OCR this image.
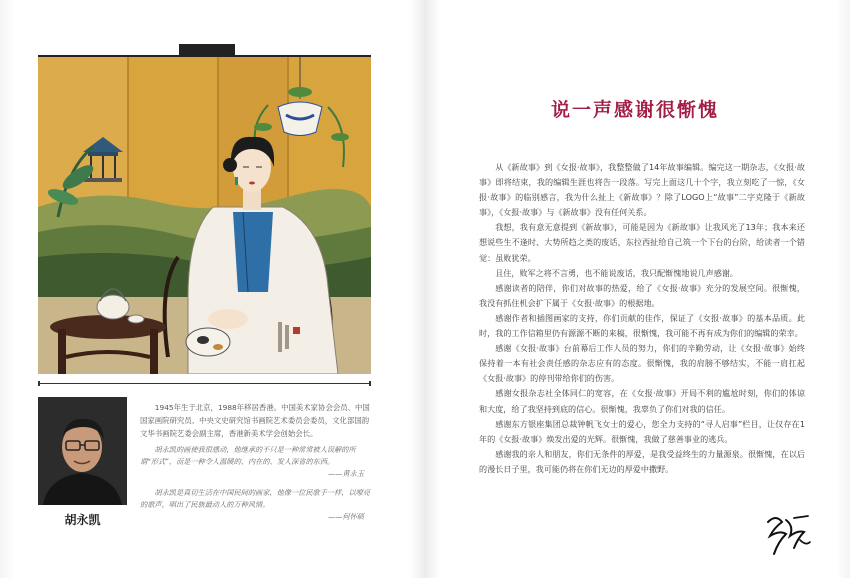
胡永凯

1945年生于北京，1988年移居香港。中国美术家协会会员、中国国家画院研究员、中央文史研究馆书画院艺术委员会委员，文化部国韵文华书画院艺委会副主席，香港新美术学会创始会长。

胡永凯的画使我很感动，他继承的不只是一种常常被人误解的所谓“形式”，而是一种令人温暖的、内在的、发人深省的东西。

——黄永玉

胡永凯是真切生活在中国民间的画家，他像一位民歌手一样，以嘹亮的歌声，唱出了民族最动人的万种风情。

——何怀硕

说一声感谢很惭愧

从《新故事》到《女报·故事》，我整整做了14年故事编辑。编完这一期杂志，《女报·故事》即将结束，我的编辑生涯也将告一段落。写完上面这几十个字，我立刻吃了一惊，《女报·故事》的临别感言，我为什么扯上《新故事》？除了LOGO上“故事”二字克隆于《新故事》，《女报·故事》与《新故事》没有任何关系。

我想，我有意无意提到《新故事》，可能是因为《新故事》让我风光了13年；我本来还想说些生不逢时、大势所趋之类的废话，东拉西扯给自己筑一个下台的台阶，给读者一个错觉：虽败犹荣。

且住，败军之将不言勇，也不能说废话，我只配惭愧地说几声感谢。

感谢读者的陪伴，你们对故事的热爱，给了《女报·故事》充分的发展空间。很惭愧，我没有抓住机会扩下属于《女报·故事》的根据地。

感谢作者和插图画家的支持，你们贡献的佳作，保证了《女报·故事》的基本品质。此时，我的工作信箱里仍有源源不断的来稿，很惭愧，我可能不再有成为你们的编辑的荣幸。

感谢《女报·故事》台前幕后工作人员的努力，你们的辛勤劳动，让《女报·故事》始终保持着一本有社会责任感的杂志应有的态度。很惭愧，我的肩膀不够结实，不能一肩扛起《女报·故事》的停刊带给你们的伤害。

感谢女报杂志社全体同仁的宽容，在《女报·故事》开局不利的尴尬时刻，你们的体谅和大度，给了我坚持到底的信心。很惭愧，我辜负了你们对我的信任。

感谢东方银座集团总裁钟帆飞女士的爱心，您全力支持的“寻人启事”栏目，让仅存在1年的《女报·故事》焕发出爱的光辉。很惭愧，我做了慈善事业的逃兵。

感谢我的亲人和朋友，你们无条件的厚爱，是我受益终生的力量源泉。很惭愧，在以后的漫长日子里，我可能仍将在你们无边的厚爱中撒野。
